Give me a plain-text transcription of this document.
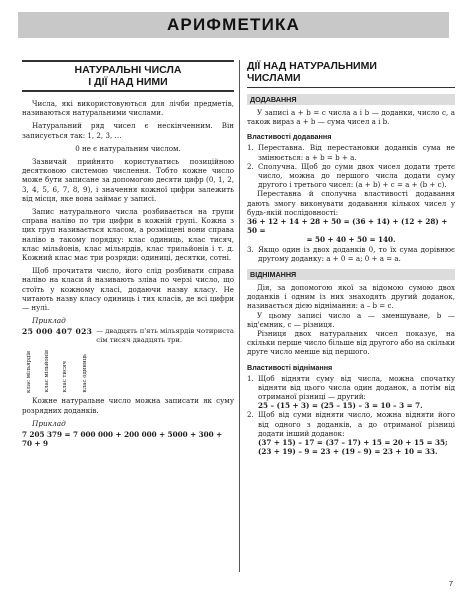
АРИФМЕТИКА
НАТУРАЛЬНІ ЧИСЛА
І ДІЇ НАД НИМИ

Числа, які використовуються для лічби предметів, називаються натуральними числами.

Натуральний ряд чисел є нескінченним. Він записується так: 1, 2, 3, …

0 не є натуральним числом.

Зазвичай прийнято користуватись позиційною десятковою системою числення. Тобто кожне число може бути записане за допомогою десяти цифр (0, 1, 2, 3, 4, 5, 6, 7, 8, 9), і значення кожної цифри залежить від місця, яке вона займає у записі.

Запис натурального числа розбивається на групи справа наліво по три цифри в кожній групі. Кожна з цих груп називається класом, а розміщені вони справа наліво в такому порядку: клас одиниць, клас тисяч, клас мільйонів, клас мільярдів, клас трильйонів і т. д. Кожний клас має три розряди: одиниці, десятки, сотні.

Щоб прочитати число, його слід розбивати справа наліво на класи й називають зліва по черзі число, що стоїть у кожному класі, додаючи назву класу. Не читають назву класу одиниць і тих класів, де всі цифри — нулі.

Приклад
25 000 407 023 — двадцять п'ять мільярдів чотириста сім тисяч двадцять три.
клас мільярдів клас мільйонів клас тисяч	клас одиниць

Кожне натуральне число можна записати як суму розрядних доданків.

Приклад
7 205 379 = 7 000 000 + 200 000 + 5000 + 300 + 70 + 9
ДІЇ НАД НАТУРАЛЬНИМИ
ЧИСЛАМИ
ДОДАВАННЯ

У записі a + b = c числа a і b — доданки, число c, а також вираз a + b — сума чисел a і b.

Властивості додавання
1. Переставна. Від перестановки доданків сума не змінюється: a + b = b + a.
2. Сполучна. Щоб до суми двох чисел додати третє число, можна до першого числа додати суму другого і третього чисел: (a + b) + c = a + (b + c).

Переставна й сполучна властивості додавання дають змогу виконувати додавання кількох чисел у будь-якій послідовності:

36 + 12 + 14 + 28 + 50 = (36 + 14) + (12 + 28) + 50 =
= 50 + 40 + 50 = 140.
3. Якщо один із двох доданків 0, то їх сума дорівнює другому доданку: a + 0 = a; 0 + a = a.
ВІДНІМАННЯ

Дія, за допомогою якої за відомою сумою двох доданків і одним із них знаходять другий доданок, називається дією віднімання: a – b = c.

У цьому записі число a — зменшуване, b — від'ємник, c — різниця.

Різниця двох натуральних чисел показує, на скільки перше число більше від другого або на скільки друге число менше від першого.

Властивості віднімання
1. Щоб відняти суму від числа, можна спочатку відняти від цього числа один доданок, а потім від отриманої різниці — другий:
25 – (15 + 3) = (25 – 15) – 3 = 10 – 3 = 7.
2. Щоб від суми відняти число, можна відняти його від одного з доданків, а до отриманої різниці додати інший доданок:
(37 + 15) – 17 = (37 – 17) + 15 = 20 + 15 = 35;
(23 + 19) – 9 = 23 + (19 – 9) = 23 + 10 = 33.
7
